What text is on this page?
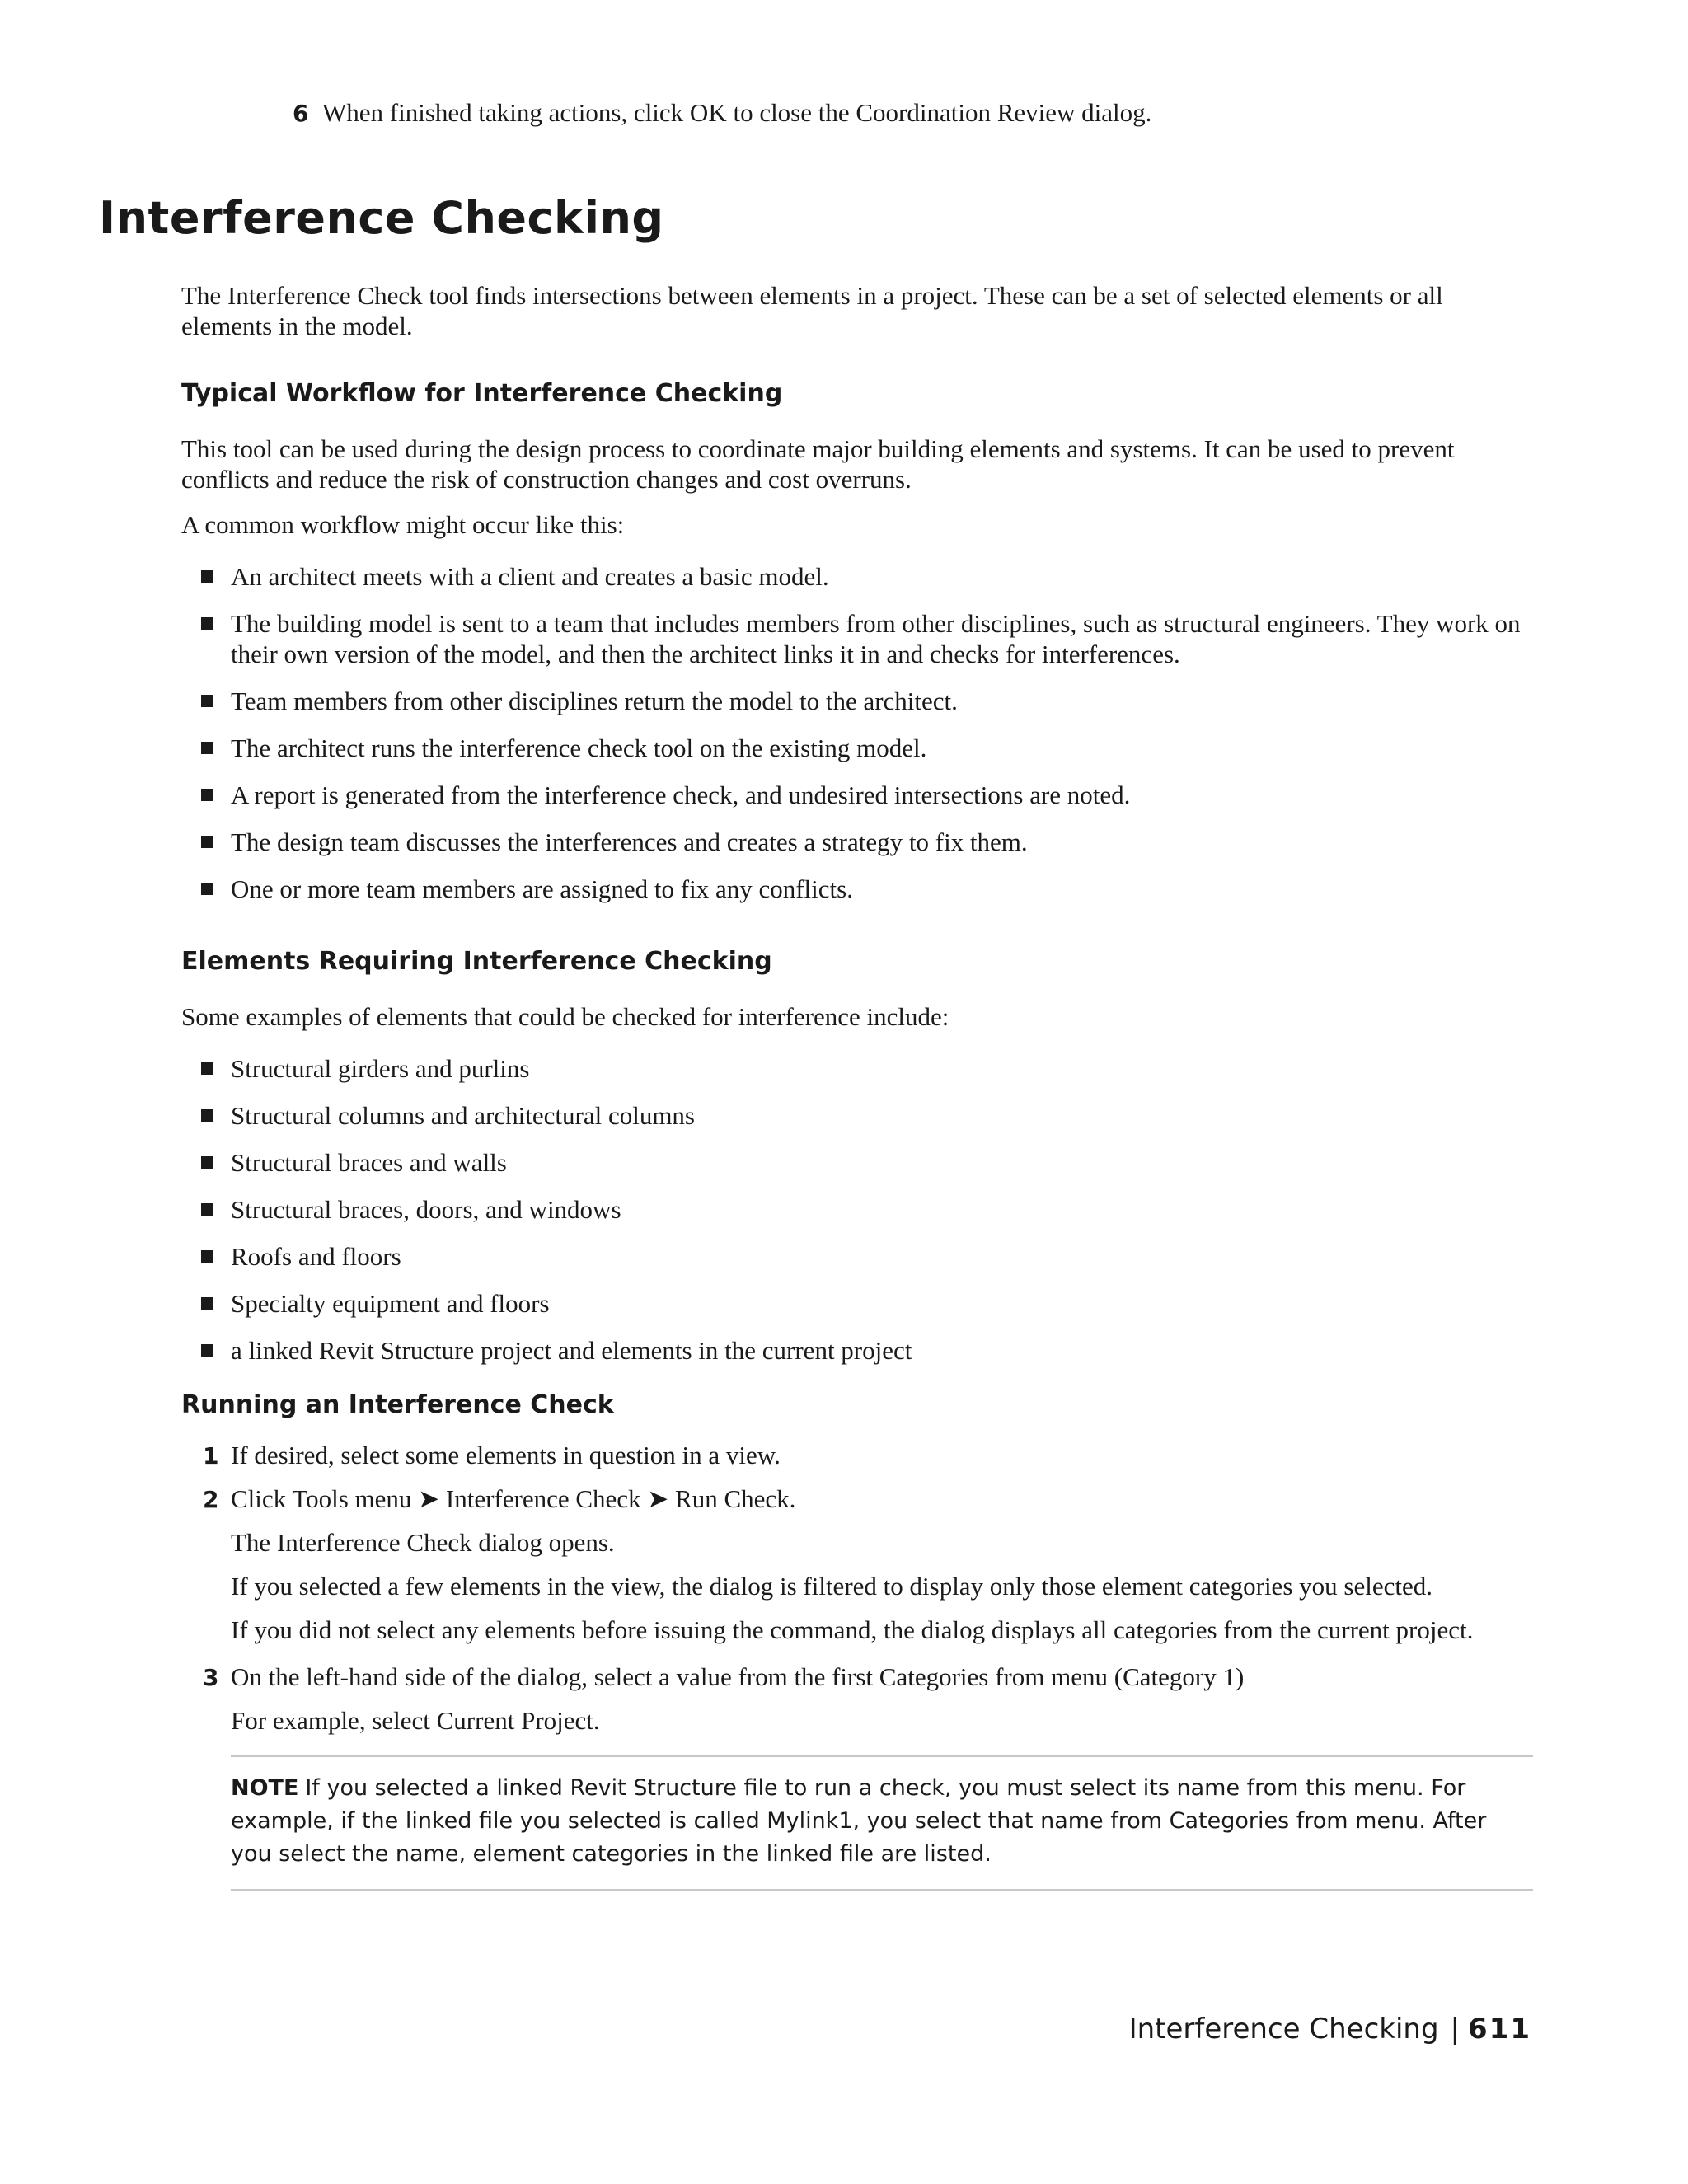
6 When finished taking actions, click OK to close the Coordination Review dialog.
Interference Checking

The Interference Check tool finds intersections between elements in a project. These can be a set of selected elements or all elements in the model.

Typical Workflow for Interference Checking

This tool can be used during the design process to coordinate major building elements and systems. It can be used to prevent conflicts and reduce the risk of construction changes and cost overruns.

A common workflow might occur like this:

An architect meets with a client and creates a basic model.
The building model is sent to a team that includes members from other disciplines, such as structural engineers. They work on their own version of the model, and then the architect links it in and checks for interferences.
Team members from other disciplines return the model to the architect.
The architect runs the interference check tool on the existing model.
A report is generated from the interference check, and undesired intersections are noted.
The design team discusses the interferences and creates a strategy to fix them.
One or more team members are assigned to fix any conflicts.

Elements Requiring Interference Checking

Some examples of elements that could be checked for interference include:

Structural girders and purlins
Structural columns and architectural columns
Structural braces and walls
Structural braces, doors, and windows
Roofs and floors
Specialty equipment and floors
a linked Revit Structure project and elements in the current project

Running an Interference Check

1 If desired, select some elements in question in a view.
2 Click Tools menu ➤ Interference Check ➤ Run Check.

The Interference Check dialog opens.

If you selected a few elements in the view, the dialog is filtered to display only those element categories you selected.

If you did not select any elements before issuing the command, the dialog displays all categories from the current project.

3 On the left-hand side of the dialog, select a value from the first Categories from menu (Category 1)

For example, select Current Project.

NOTE If you selected a linked Revit Structure file to run a check, you must select its name from this menu. For example, if the linked file you selected is called Mylink1, you select that name from Categories from menu. After you select the name, element categories in the linked file are listed.
Interference Checking | 611
